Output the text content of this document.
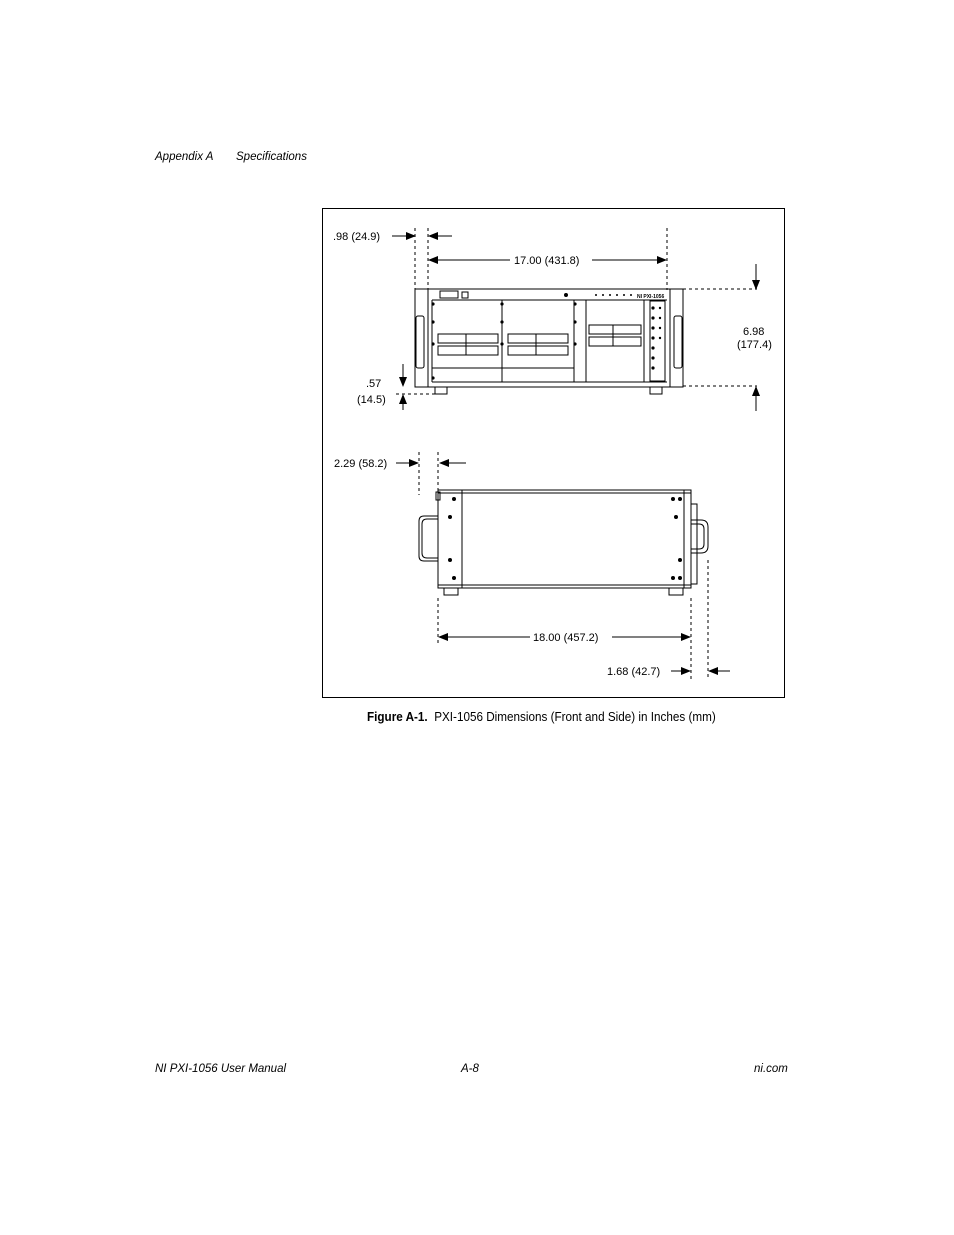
Appendix A Specifications
NI PXI-1056
.98 (24.9)
17.00 (431.8)
6.98
(177.4)
.57
(14.5)
2.29 (58.2)
18.00 (457.2)
1.68 (42.7)
Figure A-1. PXI-1056 Dimensions (Front and Side) in Inches (mm)
NI PXI-1056 User Manual	A-8	ni.com
